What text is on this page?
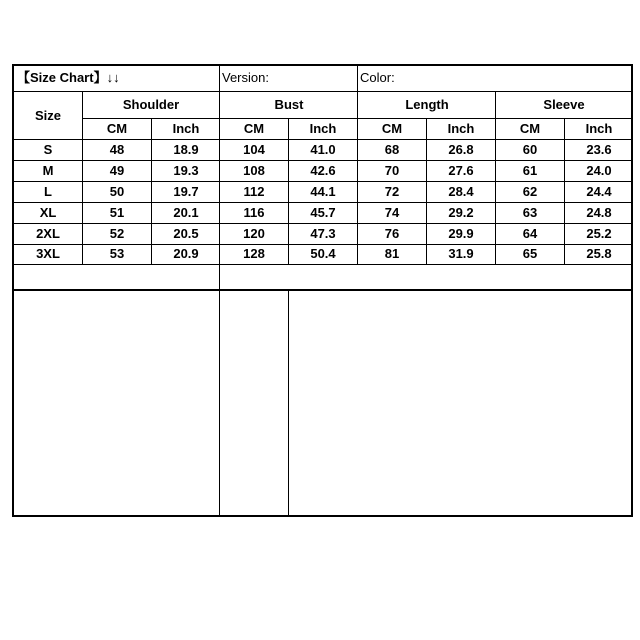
【Size Chart】↓↓	Version:	Color:
Size
Shoulder	Bust	Length	Sleeve
CM	Inch	CM	Inch	CM	Inch	CM	Inch
S	48	18.9	104	41.0	68	26.8	60	23.6
M	49	19.3	108	42.6	70	27.6	61	24.0
L	50	19.7	112	44.1	72	28.4	62	24.4
XL	51	20.1	116	45.7	74	29.2	63	24.8
2XL	52	20.5	120	47.3	76	29.9	64	25.2
3XL	53	20.9	128	50.4	81	31.9	65	25.8
